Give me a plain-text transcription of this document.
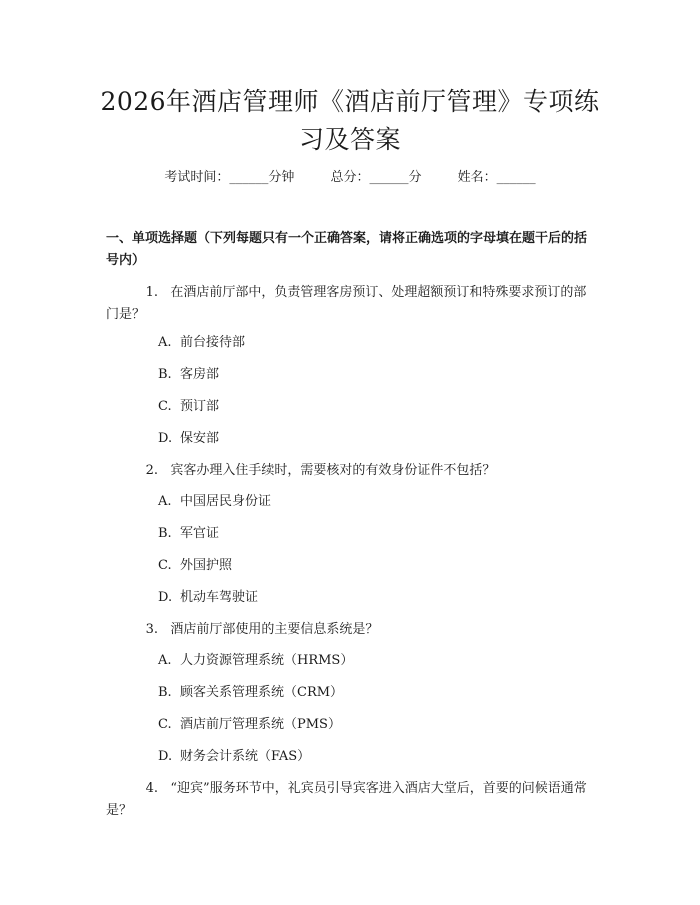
2026年酒店管理师《酒店前厅管理》专项练习及答案
考试时间：______分钟	总分：______分	姓名：______

一、单项选择题（下列每题只有一个正确答案，请将正确选项的字母填在题干后的括号内）

1. 在酒店前厅部中，负责管理客房预订、处理超额预订和特殊要求预订的部门是？
A. 前台接待部
B. 客房部
C. 预订部
D. 保安部
2. 宾客办理入住手续时，需要核对的有效身份证件不包括？
A. 中国居民身份证
B. 军官证
C. 外国护照
D. 机动车驾驶证
3. 酒店前厅部使用的主要信息系统是？
A. 人力资源管理系统（HRMS）
B. 顾客关系管理系统（CRM）
C. 酒店前厅管理系统（PMS）
D. 财务会计系统（FAS）
4. “迎宾”服务环节中，礼宾员引导宾客进入酒店大堂后，首要的问候语通常是？
